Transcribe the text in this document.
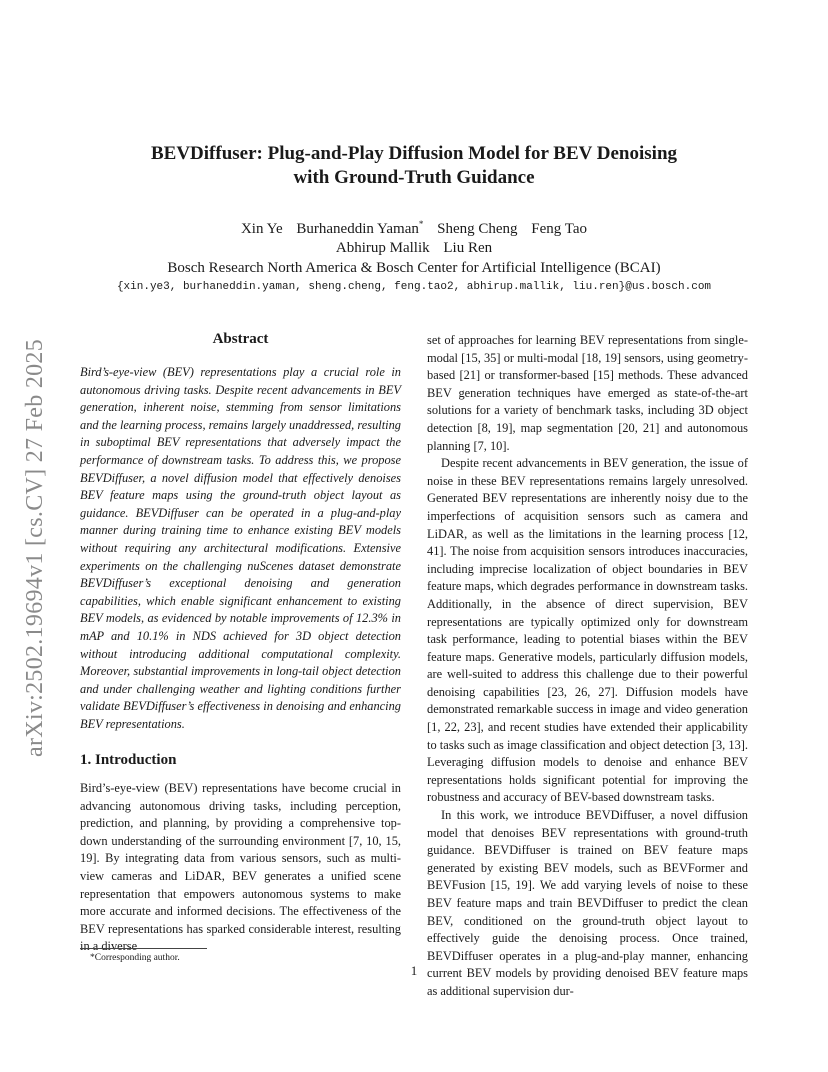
arXiv:2502.19694v1 [cs.CV] 27 Feb 2025
BEVDiffuser: Plug-and-Play Diffusion Model for BEV Denoising
with Ground-Truth Guidance
Xin Ye Burhaneddin Yaman* Sheng Cheng Feng Tao
Abhirup Mallik Liu Ren
Bosch Research North America & Bosch Center for Artificial Intelligence (BCAI)
{xin.ye3, burhaneddin.yaman, sheng.cheng, feng.tao2, abhirup.mallik, liu.ren}@us.bosch.com
Abstract

Bird’s-eye-view (BEV) representations play a crucial role in autonomous driving tasks. Despite recent advancements in BEV generation, inherent noise, stemming from sensor limitations and the learning process, remains largely unaddressed, resulting in suboptimal BEV representations that adversely impact the performance of downstream tasks. To address this, we propose BEVDiffuser, a novel diffusion model that effectively denoises BEV feature maps using the ground-truth object layout as guidance. BEVDiffuser can be operated in a plug-and-play manner during training time to enhance existing BEV models without requiring any architectural modifications. Extensive experiments on the challenging nuScenes dataset demonstrate BEVDiffuser’s exceptional denoising and generation capabilities, which enable significant enhancement to existing BEV models, as evidenced by notable improvements of 12.3% in mAP and 10.1% in NDS achieved for 3D object detection without introducing additional computational complexity. Moreover, substantial improvements in long-tail object detection and under challenging weather and lighting conditions further validate BEVDiffuser’s effectiveness in denoising and enhancing BEV representations.

1. Introduction

Bird’s-eye-view (BEV) representations have become crucial in advancing autonomous driving tasks, including perception, prediction, and planning, by providing a comprehensive top-down understanding of the surrounding environment [7, 10, 15, 19]. By integrating data from various sensors, such as multi-view cameras and LiDAR, BEV generates a unified scene representation that empowers autonomous systems to make more accurate and informed decisions. The effectiveness of the BEV representations has sparked considerable interest, resulting in a diverse

set of approaches for learning BEV representations from single-modal [15, 35] or multi-modal [18, 19] sensors, using geometry-based [21] or transformer-based [15] methods. These advanced BEV generation techniques have emerged as state-of-the-art solutions for a variety of benchmark tasks, including 3D object detection [8, 19], map segmentation [20, 21] and autonomous planning [7, 10].

Despite recent advancements in BEV generation, the issue of noise in these BEV representations remains largely unresolved. Generated BEV representations are inherently noisy due to the imperfections of acquisition sensors such as camera and LiDAR, as well as the limitations in the learning process [12, 41]. The noise from acquisition sensors introduces inaccuracies, including imprecise localization of object boundaries in BEV feature maps, which degrades performance in downstream tasks. Additionally, in the absence of direct supervision, BEV representations are typically optimized only for downstream task performance, leading to potential biases within the BEV feature maps. Generative models, particularly diffusion models, are well-suited to address this challenge due to their powerful denoising capabilities [23, 26, 27]. Diffusion models have demonstrated remarkable success in image and video generation [1, 22, 23], and recent studies have extended their applicability to tasks such as image classification and object detection [3, 13]. Leveraging diffusion models to denoise and enhance BEV representations holds significant potential for improving the robustness and accuracy of BEV-based downstream tasks.

In this work, we introduce BEVDiffuser, a novel diffusion model that denoises BEV representations with ground-truth guidance. BEVDiffuser is trained on BEV feature maps generated by existing BEV models, such as BEVFormer and BEVFusion [15, 19]. We add varying levels of noise to these BEV feature maps and train BEVDiffuser to predict the clean BEV, conditioned on the ground-truth object layout to effectively guide the denoising process. Once trained, BEVDiffuser operates in a plug-and-play manner, enhancing current BEV models by providing denoised BEV feature maps as additional supervision dur-

*Corresponding author.
1
